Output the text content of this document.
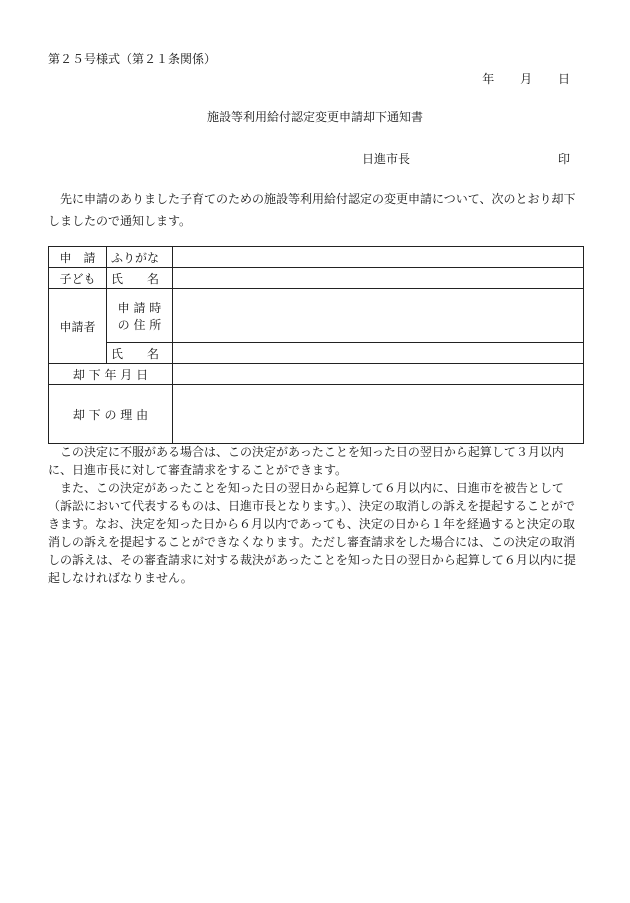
第２５号様式（第２１条関係）
年 月 日
施設等利用給付認定変更申請却下通知書
日進市長	印
先に申請のありました子育てのための施設等利用給付認定の変更申請について、次のとおり却下しましたので通知します。
申　請	ふりがな	
子ども	氏　　名	
申請者	申 請 時
の 住 所	

	氏　　名	
却 下 年 月 日		
却 下 の 理 由		

この決定に不服がある場合は、この決定があったことを知った日の翌日から起算して３月以内に、日進市長に対して審査請求をすることができます。

また、この決定があったことを知った日の翌日から起算して６月以内に、日進市を被告として（訴訟において代表するものは、日進市長となります。）、決定の取消しの訴えを提起することができます。なお、決定を知った日から６月以内であっても、決定の日から１年を経過すると決定の取消しの訴えを提起することができなくなります。ただし審査請求をした場合には、この決定の取消しの訴えは、その審査請求に対する裁決があったことを知った日の翌日から起算して６月以内に提起しなければなりません。
